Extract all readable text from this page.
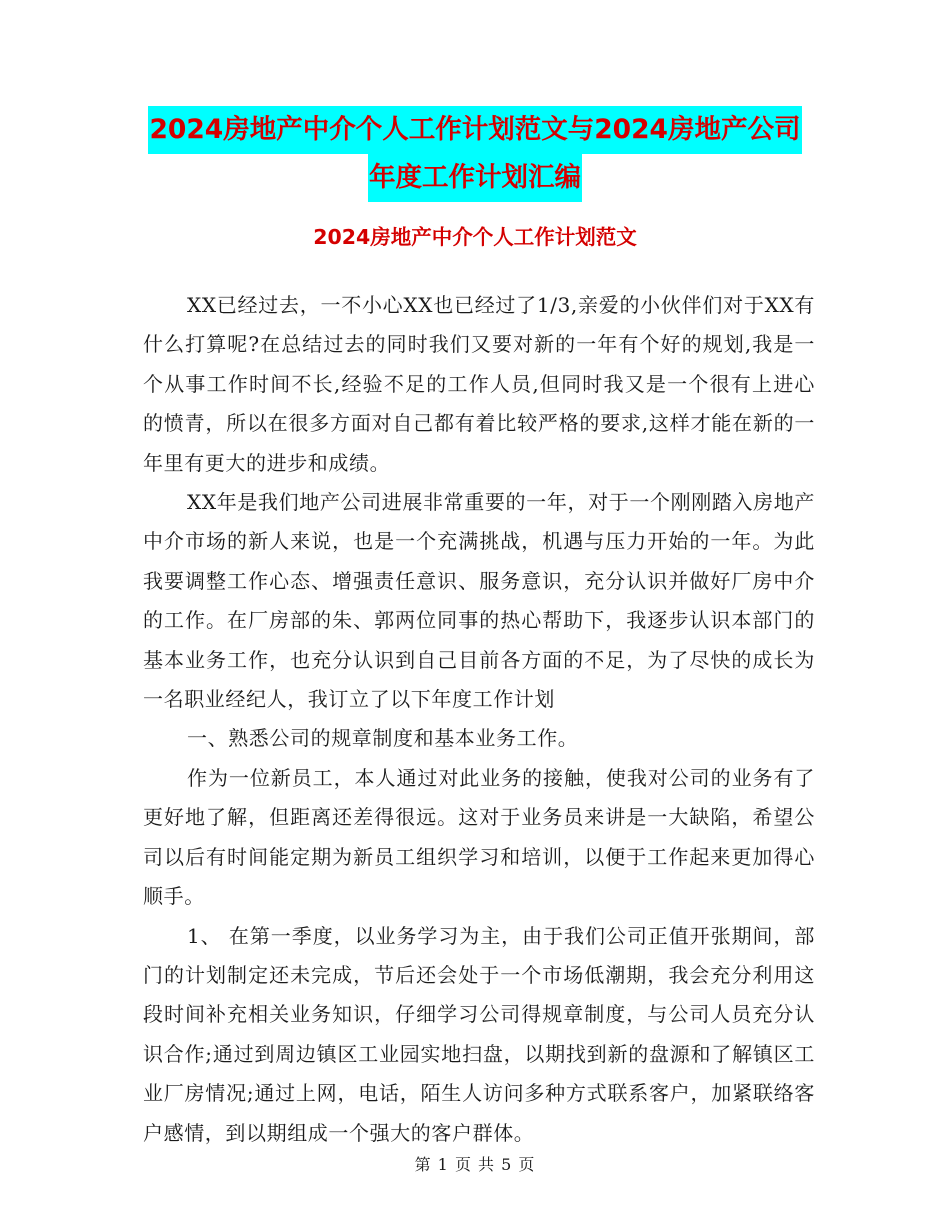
2024房地产中介个人工作计划范文与2024房地产公司
年度工作计划汇编
2024房地产中介个人工作计划范文

XX已经过去，一不小心XX也已经过了1/3,亲爱的小伙伴们对于XX有什么打算呢?在总结过去的同时我们又要对新的一年有个好的规划,我是一个从事工作时间不长,经验不足的工作人员,但同时我又是一个很有上进心的愤青，所以在很多方面对自己都有着比较严格的要求,这样才能在新的一年里有更大的进步和成绩。

XX年是我们地产公司进展非常重要的一年，对于一个刚刚踏入房地产中介市场的新人来说，也是一个充满挑战，机遇与压力开始的一年。为此我要调整工作心态、增强责任意识、服务意识，充分认识并做好厂房中介的工作。在厂房部的朱、郭两位同事的热心帮助下，我逐步认识本部门的基本业务工作，也充分认识到自己目前各方面的不足，为了尽快的成长为一名职业经纪人，我订立了以下年度工作计划

一、熟悉公司的规章制度和基本业务工作。

作为一位新员工，本人通过对此业务的接触，使我对公司的业务有了更好地了解，但距离还差得很远。这对于业务员来讲是一大缺陷，希望公司以后有时间能定期为新员工组织学习和培训，以便于工作起来更加得心顺手。

1、 在第一季度，以业务学习为主，由于我们公司正值开张期间，部门的计划制定还未完成，节后还会处于一个市场低潮期，我会充分利用这段时间补充相关业务知识，仔细学习公司得规章制度，与公司人员充分认识合作;通过到周边镇区工业园实地扫盘，以期找到新的盘源和了解镇区工业厂房情况;通过上网，电话，陌生人访问多种方式联系客户，加紧联络客户感情，到以期组成一个强大的客户群体。

第 1 页 共 5 页
